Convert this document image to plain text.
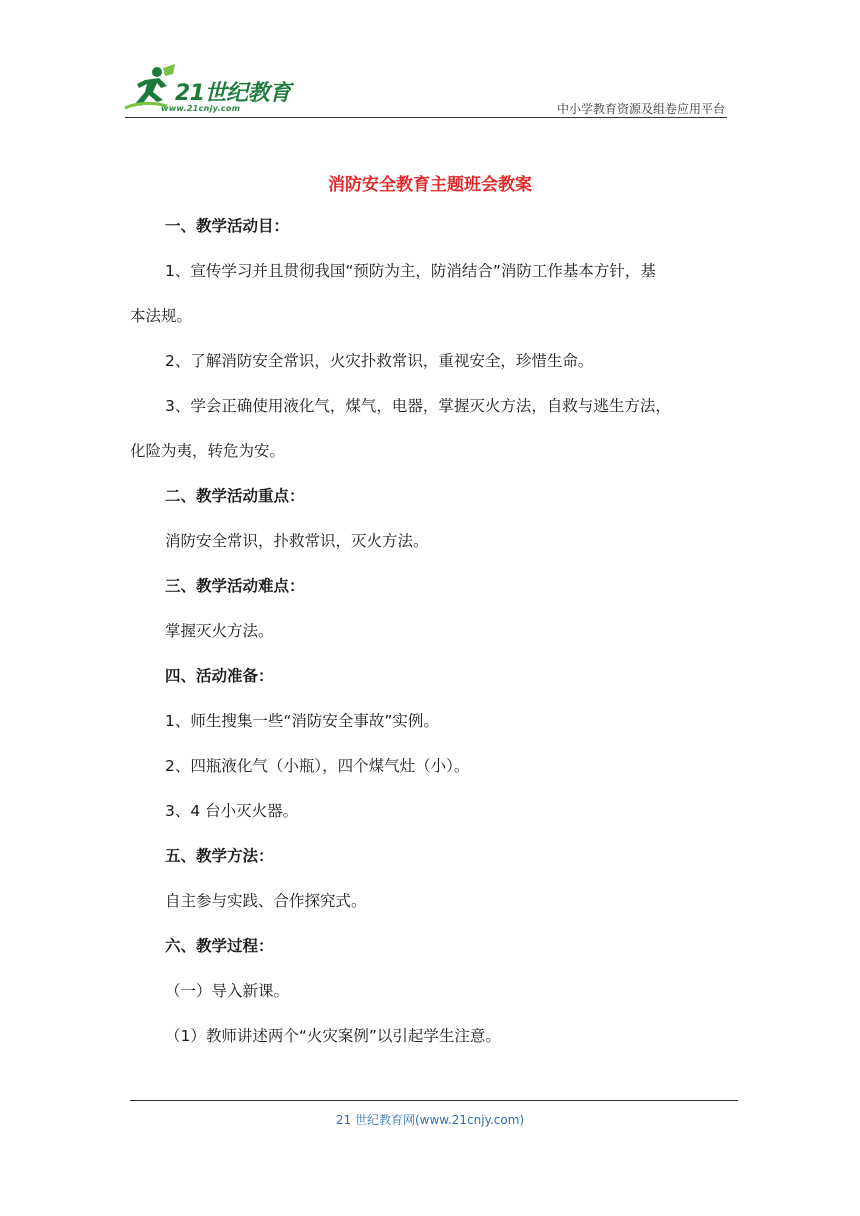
21世纪教育
www.21cnjy.com	中小学教育资源及组卷应用平台
消防安全教育主题班会教案
一、教学活动目：
1、宣传学习并且贯彻我国“预防为主，防消结合”消防工作基本方针，基
本法规。
2、了解消防安全常识，火灾扑救常识，重视安全，珍惜生命。
3、学会正确使用液化气，煤气，电器，掌握灭火方法，自救与逃生方法，
化险为夷，转危为安。
二、教学活动重点：
消防安全常识，扑救常识，灭火方法。
三、教学活动难点：
掌握灭火方法。
四、活动准备：
1、师生搜集一些“消防安全事故”实例。
2、四瓶液化气（小瓶），四个煤气灶（小）。
3、4 台小灭火器。
五、教学方法：
自主参与实践、合作探究式。
六、教学过程：
（一）导入新课。
（1）教师讲述两个“火灾案例”以引起学生注意。
21 世纪教育网(www.21cnjy.com)
